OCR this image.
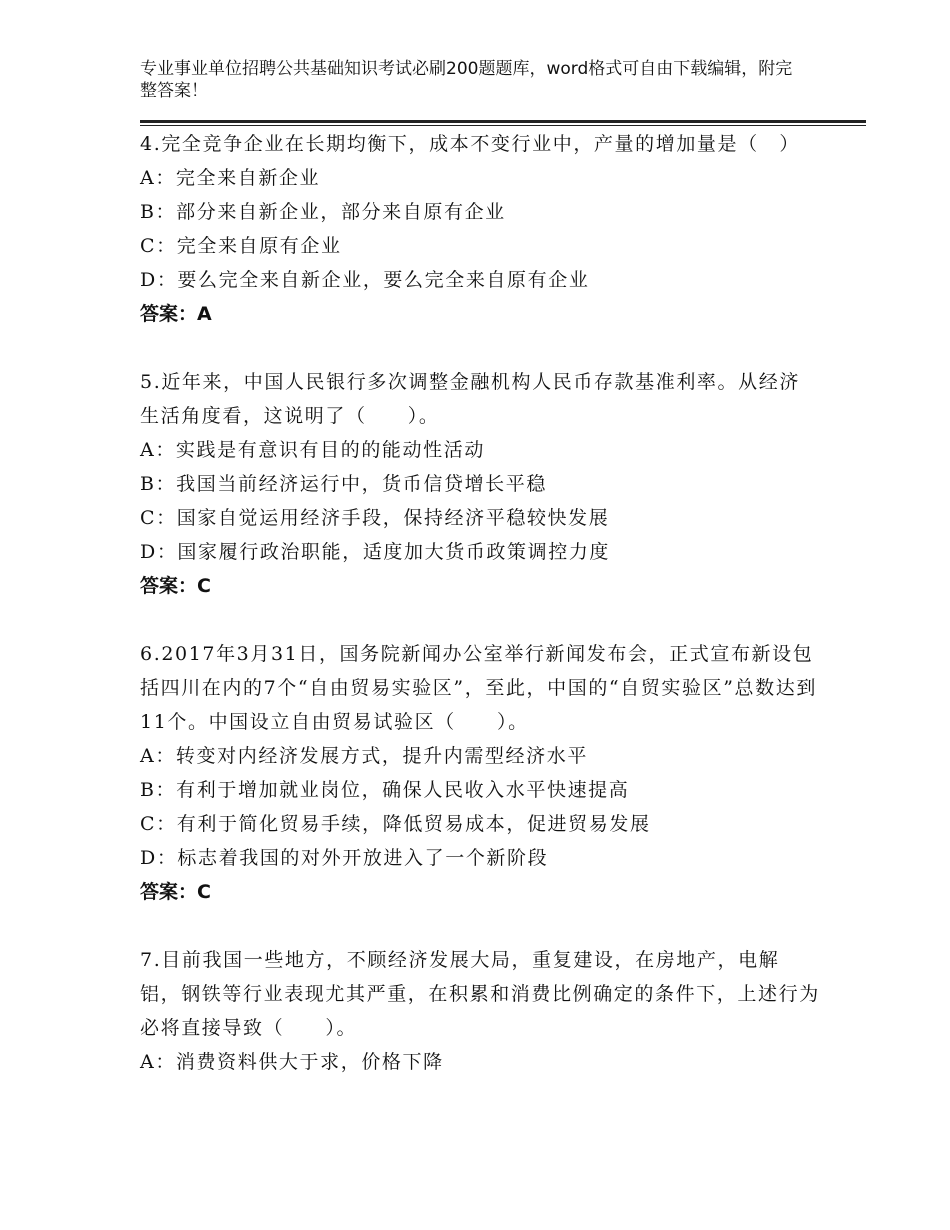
专业事业单位招聘公共基础知识考试必刷200题题库，word格式可自由下载编辑，附完整答案！

4.完全竞争企业在长期均衡下，成本不变行业中，产量的增加量是（　）

A：完全来自新企业

B：部分来自新企业，部分来自原有企业

C：完全来自原有企业

D：要么完全来自新企业，要么完全来自原有企业

答案：A

5.近年来，中国人民银行多次调整金融机构人民币存款基准利率。从经济生活角度看，这说明了（　　）。

A：实践是有意识有目的的能动性活动

B：我国当前经济运行中，货币信贷增长平稳

C：国家自觉运用经济手段，保持经济平稳较快发展

D：国家履行政治职能，适度加大货币政策调控力度

答案：C

6.2017年3月31日，国务院新闻办公室举行新闻发布会，正式宣布新设包括四川在内的7个“自由贸易实验区”，至此，中国的“自贸实验区”总数达到11个。中国设立自由贸易试验区（　　）。

A：转变对内经济发展方式，提升内需型经济水平

B：有利于增加就业岗位，确保人民收入水平快速提高

C：有利于简化贸易手续，降低贸易成本，促进贸易发展

D：标志着我国的对外开放进入了一个新阶段

答案：C

7.目前我国一些地方，不顾经济发展大局，重复建设，在房地产，电解铝，钢铁等行业表现尤其严重，在积累和消费比例确定的条件下，上述行为必将直接导致（　　）。

A：消费资料供大于求，价格下降
